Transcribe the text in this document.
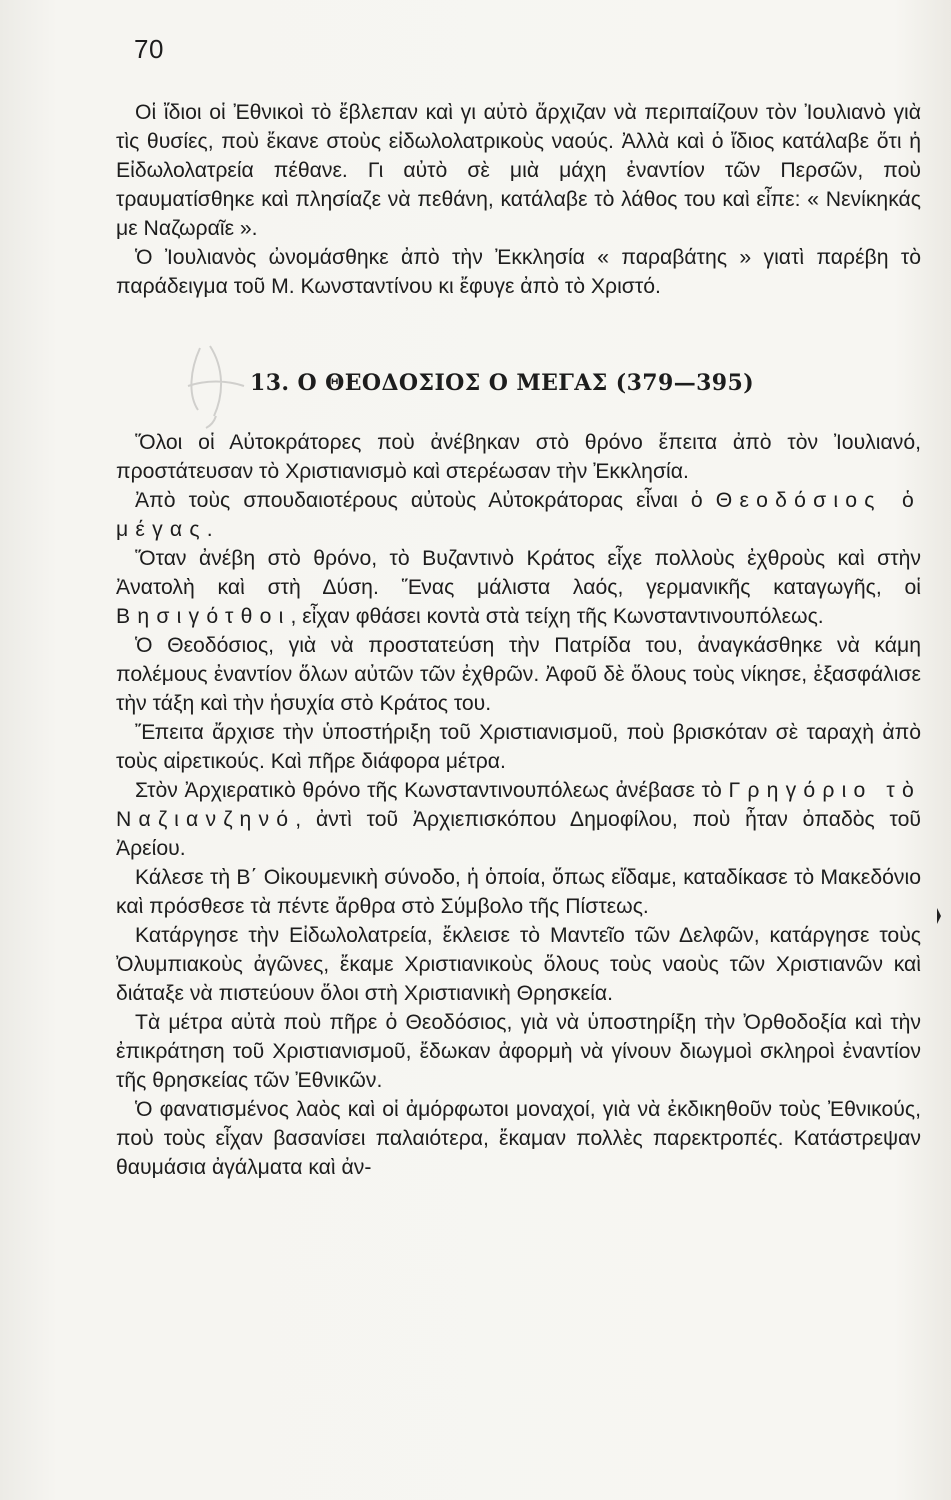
70

Οἱ ἴδιοι οἱ Ἐθνικοὶ τὸ ἔβλεπαν καὶ γι αὐτὸ ἄρχιζαν νὰ περιπαίζουν τὸν Ἰουλιανὸ γιὰ τὶς θυσίες, ποὺ ἔκανε στοὺς εἰδωλολατρικοὺς ναούς. Ἀλλὰ καὶ ὁ ἴδιος κατάλαβε ὅτι ἡ Εἰδωλολατρεία πέθανε. Γι αὐτὸ σὲ μιὰ μάχη ἐναντίον τῶν Περσῶν, ποὺ τραυματίσθηκε καὶ πλησίαζε νὰ πεθάνη, κατάλαβε τὸ λάθος του καὶ εἶπε: « Νενίκηκάς με Ναζωραῖε ».

Ὁ Ἰουλιανὸς ὠνομάσθηκε ἀπὸ τὴν Ἐκκλησία « παραβάτης » γιατὶ παρέβη τὸ παράδειγμα τοῦ Μ. Κωνσταντίνου κι ἔφυγε ἀπὸ τὸ Χριστό.

13. Ο ΘΕΟΔΟΣΙΟΣ Ο ΜΕΓΑΣ (379—395)

Ὅλοι οἱ Αὐτοκράτορες ποὺ ἀνέβηκαν στὸ θρόνο ἔπειτα ἀπὸ τὸν Ἰουλιανό, προστάτευσαν τὸ Χριστιανισμὸ καὶ στερέωσαν τὴν Ἐκκλησία.

Ἀπὸ τοὺς σπουδαιοτέρους αὐτοὺς Αὐτοκράτορας εἶναι ὁ Θεοδόσιος ὁ μέγας.

Ὅταν ἀνέβη στὸ θρόνο, τὸ Βυζαντινὸ Κράτος εἶχε πολλοὺς ἐχθροὺς καὶ στὴν Ἀνατολὴ καὶ στὴ Δύση. Ἕνας μάλιστα λαός, γερμανικῆς καταγωγῆς, οἱ Βησιγότθοι, εἶχαν φθάσει κοντὰ στὰ τείχη τῆς Κωνσταντινουπόλεως.

Ὁ Θεοδόσιος, γιὰ νὰ προστατεύση τὴν Πατρίδα του, ἀναγκάσθηκε νὰ κάμη πολέμους ἐναντίον ὅλων αὐτῶν τῶν ἐχθρῶν. Ἀφοῦ δὲ ὅλους τοὺς νίκησε, ἐξασφάλισε τὴν τάξη καὶ τὴν ἡσυχία στὸ Κράτος του.

Ἔπειτα ἄρχισε τὴν ὑποστήριξη τοῦ Χριστιανισμοῦ, ποὺ βρισκόταν σὲ ταραχὴ ἀπὸ τοὺς αἱρετικούς. Καὶ πῆρε διάφορα μέτρα.

Στὸν Ἀρχιερατικὸ θρόνο τῆς Κωνσταντινουπόλεως ἀνέβασε τὸ Γρηγόριο τὸ Ναζιανζηνό, ἀντὶ τοῦ Ἀρχιεπισκόπου Δημοφίλου, ποὺ ἦταν ὀπαδὸς τοῦ Ἀρείου.

Κάλεσε τὴ Β΄ Οἰκουμενικὴ σύνοδο, ἡ ὁποία, ὅπως εἴδαμε, καταδίκασε τὸ Μακεδόνιο καὶ πρόσθεσε τὰ πέντε ἄρθρα στὸ Σύμβολο τῆς Πίστεως.

Κατάργησε τὴν Εἰδωλολατρεία, ἔκλεισε τὸ Μαντεῖο τῶν Δελφῶν, κατάργησε τοὺς Ὀλυμπιακοὺς ἀγῶνες, ἔκαμε Χριστιανικοὺς ὅλους τοὺς ναοὺς τῶν Χριστιανῶν καὶ διάταξε νὰ πιστεύουν ὅλοι στὴ Χριστιανικὴ Θρησκεία.

Τὰ μέτρα αὐτὰ ποὺ πῆρε ὁ Θεοδόσιος, γιὰ νὰ ὑποστηρίξη τὴν Ὀρθοδοξία καὶ τὴν ἐπικράτηση τοῦ Χριστιανισμοῦ, ἔδωκαν ἀφορμὴ νὰ γίνουν διωγμοὶ σκληροὶ ἐναντίον τῆς θρησκείας τῶν Ἐθνικῶν.

Ὁ φανατισμένος λαὸς καὶ οἱ ἀμόρφωτοι μοναχοί, γιὰ νὰ ἐκδικηθοῦν τοὺς Ἐθνικούς, ποὺ τοὺς εἶχαν βασανίσει παλαιότερα, ἔκαμαν πολλὲς παρεκτροπές. Κατάστρεψαν θαυμάσια ἀγάλματα καὶ ἀν-
